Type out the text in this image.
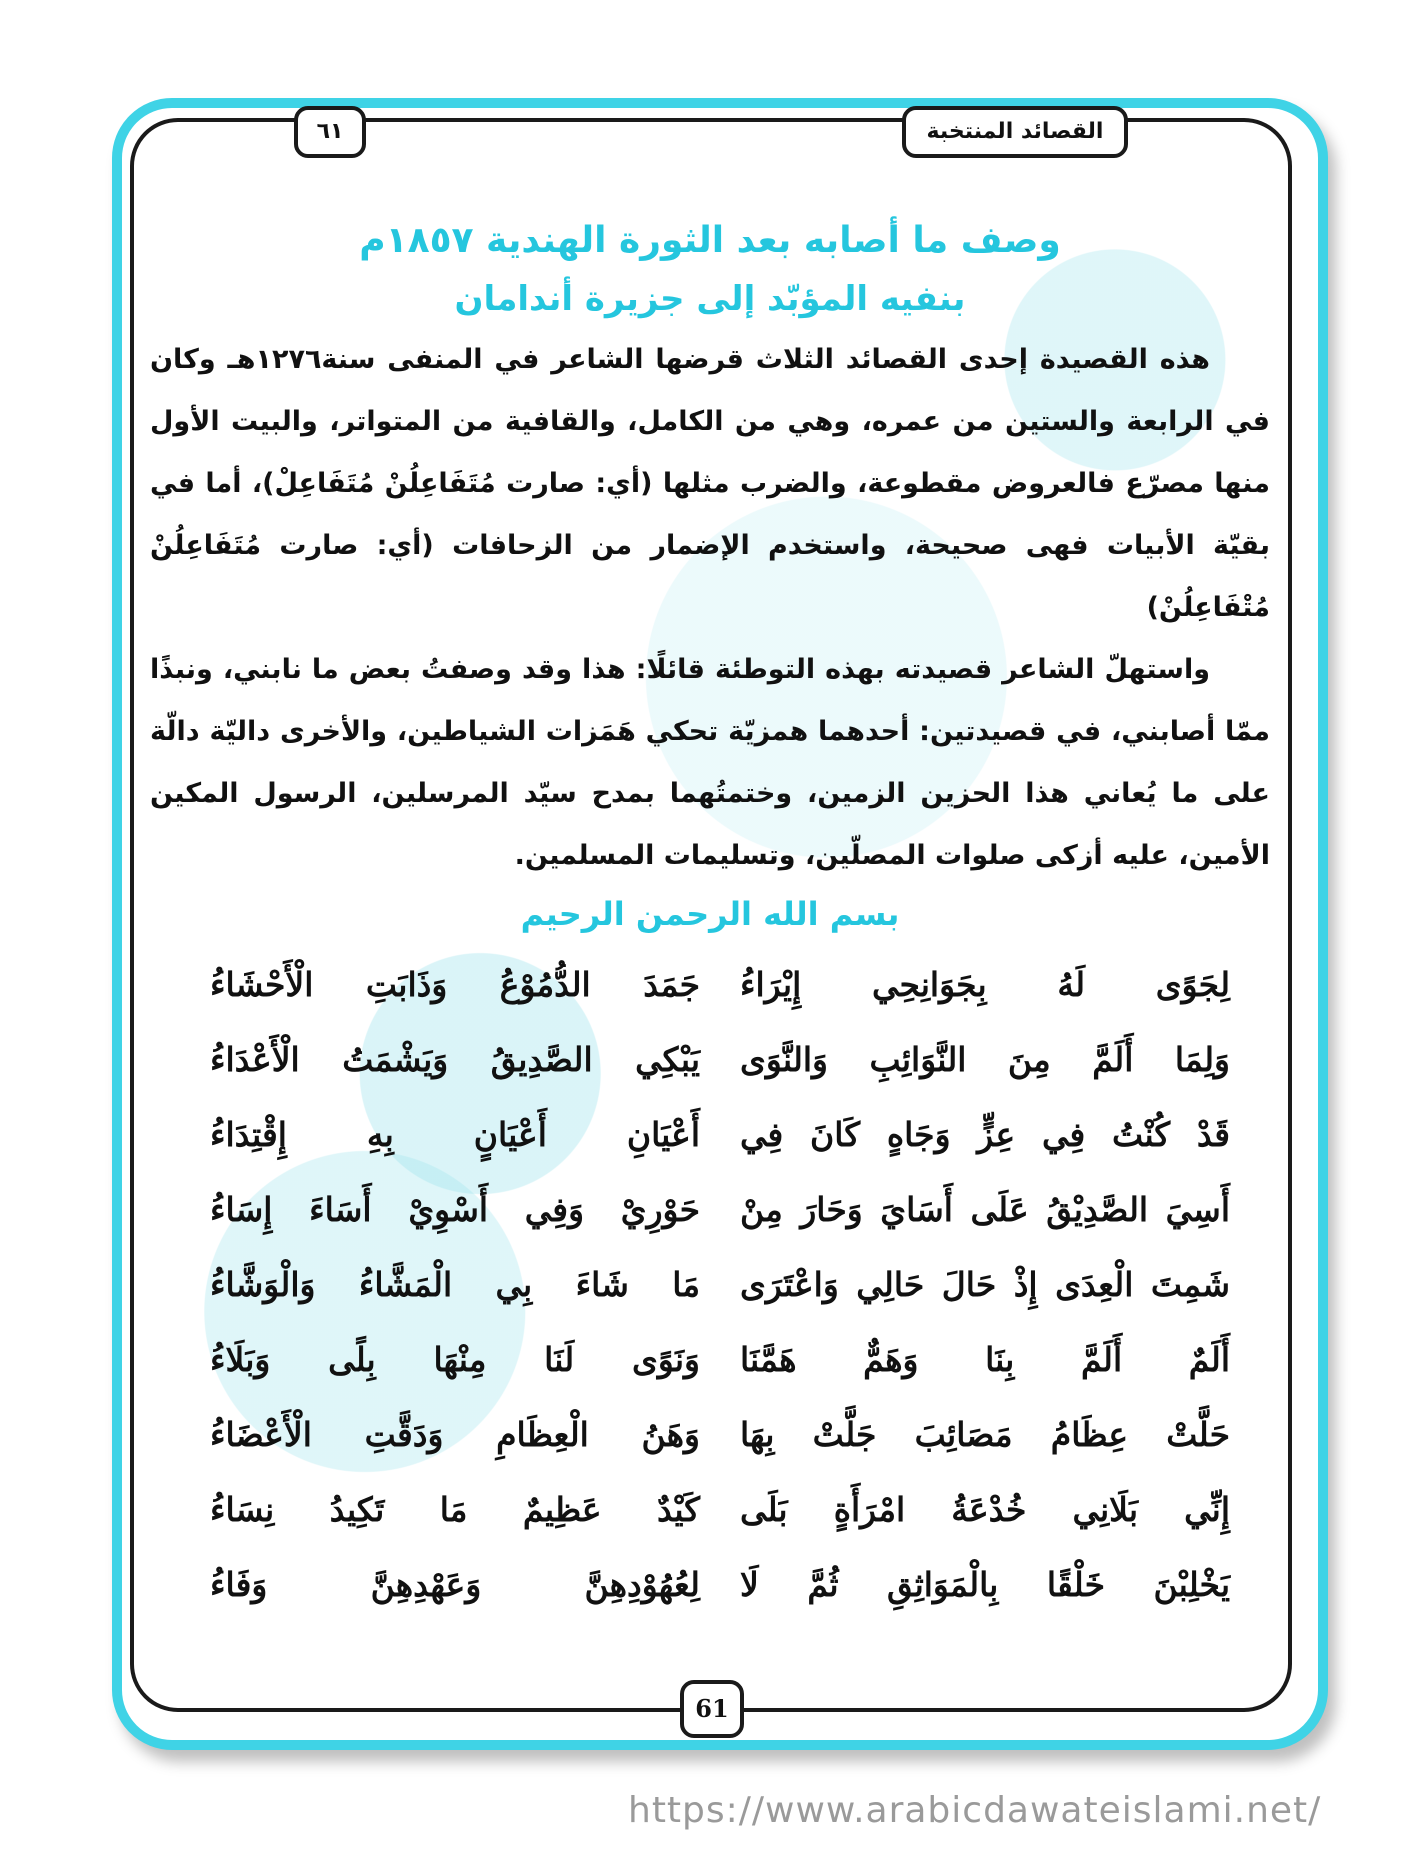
القصائد المنتخبة
٦١
وصف ما أصابه بعد الثورة الهندية ١٨٥٧م
بنفيه المؤبّد إلى جزيرة أندامان

هذه القصيدة إحدى القصائد الثلاث قرضها الشاعر في المنفى سنة١٢٧٦هـ وكان في الرابعة والستين من عمره، وهي من الكامل، والقافية من المتواتر، والبيت الأول منها مصرّع فالعروض مقطوعة، والضرب مثلها (أي: صارت مُتَفَاعِلُنْ مُتَفَاعِلْ)، أما في بقيّة الأبيات فهى صحيحة، واستخدم الإضمار من الزحافات (أي: صارت مُتَفَاعِلُنْ مُتْفَاعِلُنْ)

واستهلّ الشاعر قصيدته بهذه التوطئة قائلًا: هذا وقد وصفتُ بعض ما نابني، ونبذًا ممّا أصابني، في قصيدتين: أحدهما همزيّة تحكي هَمَزات الشياطين، والأخرى داليّة دالّة على ما يُعاني هذا الحزين الزمين، وختمتُهما بمدح سيّد المرسلين، الرسول المكين الأمين، عليه أزكى صلوات المصلّين، وتسليمات المسلمين.

بسم الله الرحمن الرحيم
لِجَوًى لَهُ بِجَوَانِحِي إِيْرَاءُ
جَمَدَ الدُّمُوْعُ وَذَابَتِ الْأَحْشَاءُ
وَلِمَا أَلَمَّ مِنَ النَّوَائِبِ وَالنَّوَى
يَبْكِي الصَّدِيقُ وَيَشْمَتُ الْأَعْدَاءُ
قَدْ كُنْتُ فِي عِزٍّ وَجَاهٍ كَانَ فِي
أَعْيَانِ أَعْيَانٍ بِهِ إِقْتِدَاءُ
أَسِيَ الصَّدِيْقُ عَلَى أَسَايَ وَحَارَ مِنْ
حَوْرِيْ وَفِي أَسْوِيْ أَسَاءَ إِسَاءُ
شَمِتَ الْعِدَى إِذْ حَالَ حَالِي وَاعْتَرَى
مَا شَاءَ بِي الْمَشَّاءُ وَالْوَشَّاءُ
أَلَمٌ أَلَمَّ بِنَا وَهَمٌّ هَمَّنَا
وَنَوًى لَنَا مِنْهَا بِلًى وَبَلَاءُ
حَلَّتْ عِظَامُ مَصَائِبَ جَلَّتْ بِهَا
وَهَنُ الْعِظَامِ وَدَقَّتِ الْأَعْضَاءُ
إِنِّي بَلَانِي خُدْعَةُ امْرَأَةٍ بَلَى
كَيْدٌ عَظِيمٌ مَا تَكِيدُ نِسَاءُ
يَخْلِبْنَ خَلْقًا بِالْمَوَاثِقِ ثُمَّ لَا
لِعُهُوْدِهِنَّ وَعَهْدِهِنَّ وَفَاءُ
61
https://www.arabicdawateislami.net/
